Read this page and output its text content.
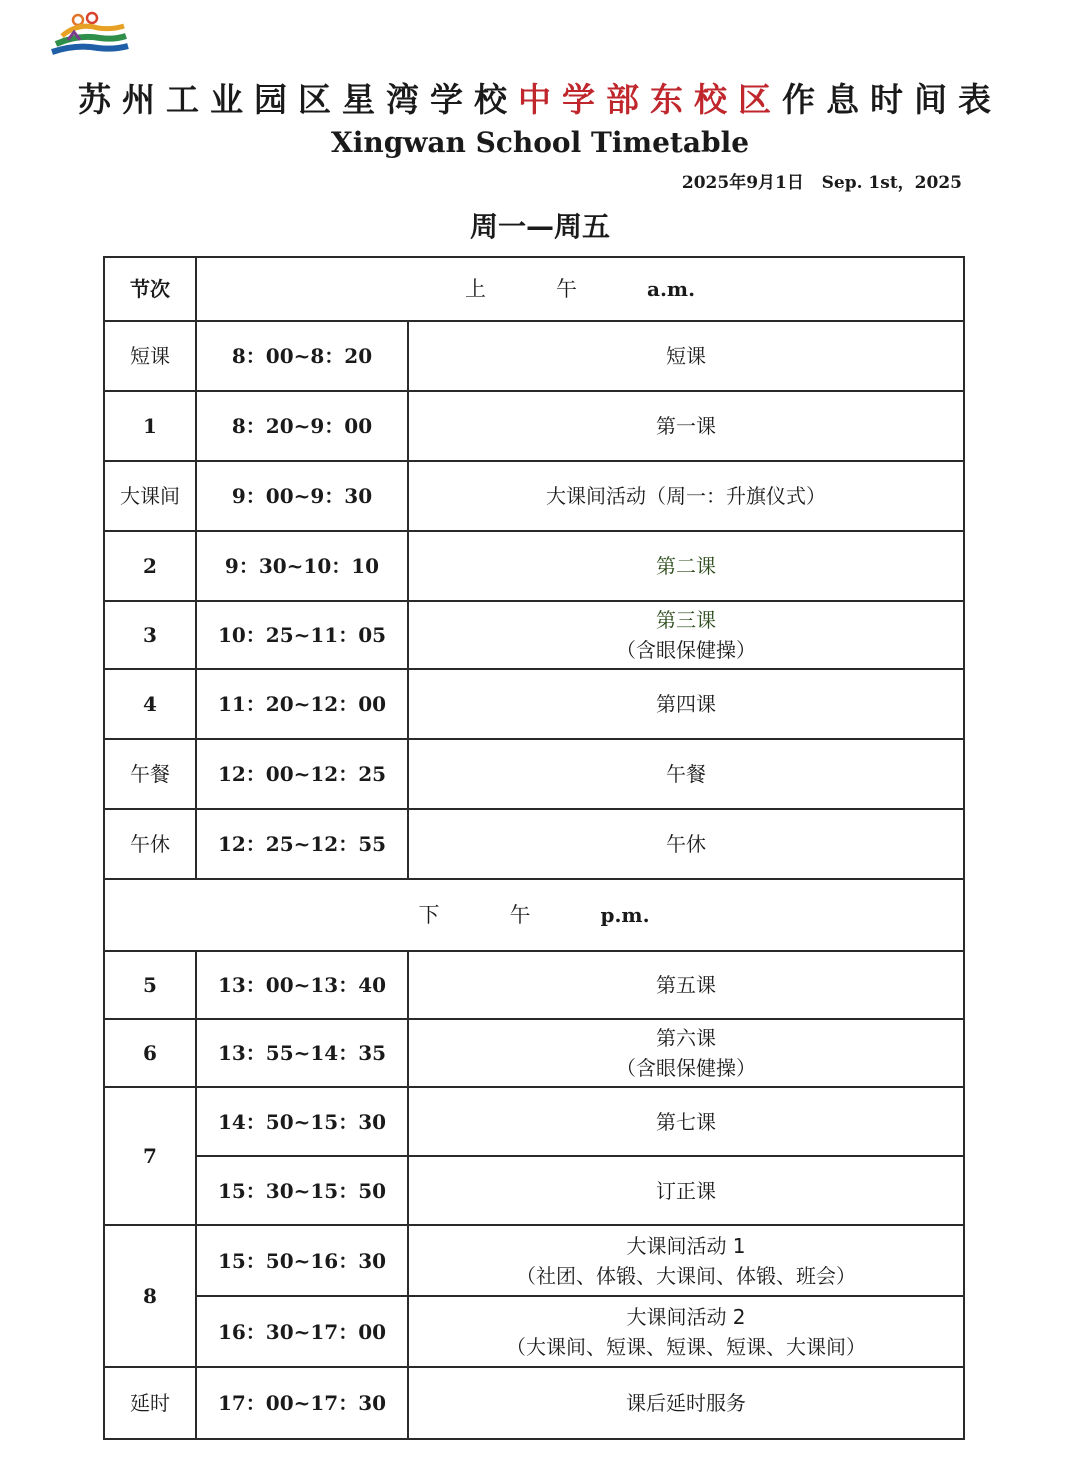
苏州工业园区星湾学校中学部东校区作息时间表
Xingwan School Timetable
2025年9月1日   Sep. 1st，2025
周一—周五
节次	上 午 a.m.	
短课	8：00~8：20	短课
1	8：20~9：00	第一课
大课间	9：00~9：30	大课间活动（周一：升旗仪式）
2	9：30~10：10	第二课
3	10：25~11：05	第三课
（含眼保健操）

4	11：20~12：00	第四课
午餐	12：00~12：25	午餐
午休	12：25~12：55	午休
下 午 p.m.		
5	13：00~13：40	第五课
6	13：55~14：35	第六课
（含眼保健操）

7	14：50~15：30	第七课
	15：30~15：50	订正课
8	15：50~16：30	大课间活动 1
（社团、体锻、大课间、体锻、班会）

	16：30~17：00	大课间活动 2
（大课间、短课、短课、短课、大课间）

延时	17：00~17：30	课后延时服务
